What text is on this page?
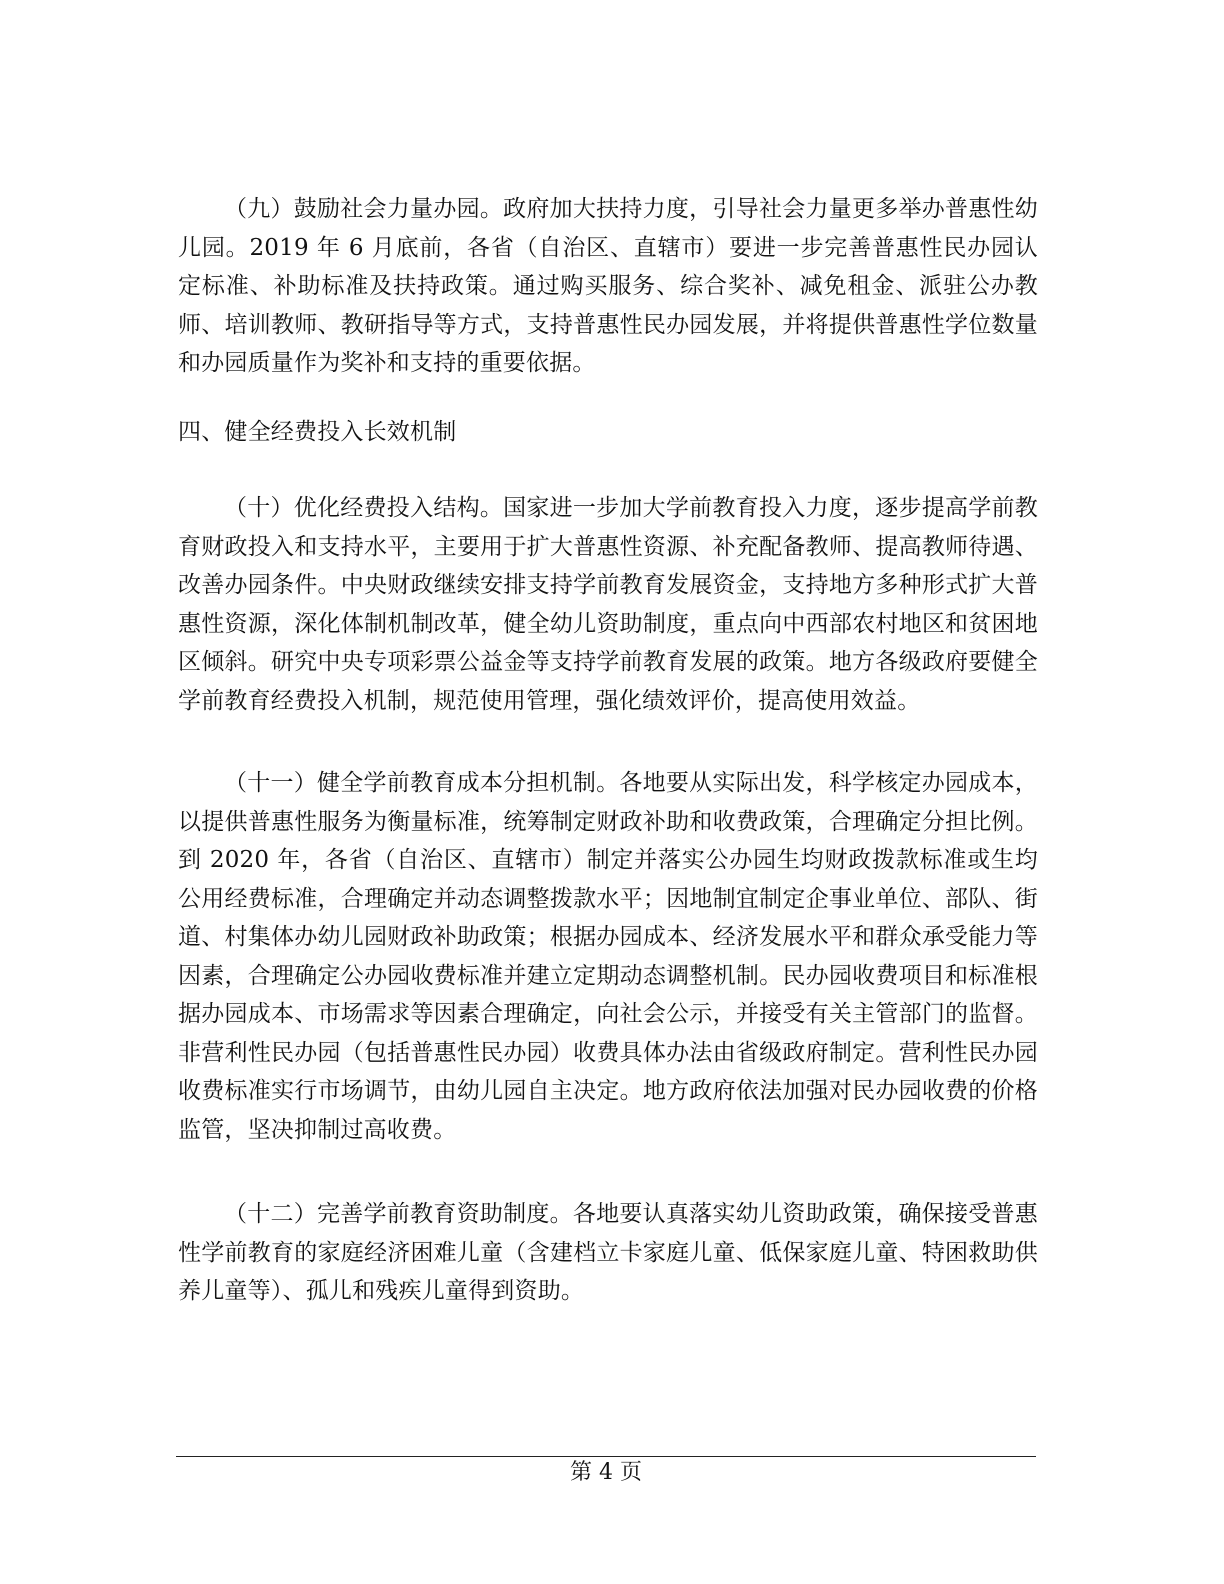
（九）鼓励社会力量办园。政府加大扶持力度，引导社会力量更多举办普惠性幼儿园。2019 年 6 月底前，各省（自治区、直辖市）要进一步完善普惠性民办园认定标准、补助标准及扶持政策。通过购买服务、综合奖补、减免租金、派驻公办教师、培训教师、教研指导等方式，支持普惠性民办园发展，并将提供普惠性学位数量和办园质量作为奖补和支持的重要依据。

四、健全经费投入长效机制

（十）优化经费投入结构。国家进一步加大学前教育投入力度，逐步提高学前教育财政投入和支持水平，主要用于扩大普惠性资源、补充配备教师、提高教师待遇、改善办园条件。中央财政继续安排支持学前教育发展资金，支持地方多种形式扩大普惠性资源，深化体制机制改革，健全幼儿资助制度，重点向中西部农村地区和贫困地区倾斜。研究中央专项彩票公益金等支持学前教育发展的政策。地方各级政府要健全学前教育经费投入机制，规范使用管理，强化绩效评价，提高使用效益。

（十一）健全学前教育成本分担机制。各地要从实际出发，科学核定办园成本，以提供普惠性服务为衡量标准，统筹制定财政补助和收费政策，合理确定分担比例。到 2020 年，各省（自治区、直辖市）制定并落实公办园生均财政拨款标准或生均公用经费标准，合理确定并动态调整拨款水平；因地制宜制定企事业单位、部队、街道、村集体办幼儿园财政补助政策；根据办园成本、经济发展水平和群众承受能力等因素，合理确定公办园收费标准并建立定期动态调整机制。民办园收费项目和标准根据办园成本、市场需求等因素合理确定，向社会公示，并接受有关主管部门的监督。非营利性民办园（包括普惠性民办园）收费具体办法由省级政府制定。营利性民办园收费标准实行市场调节，由幼儿园自主决定。地方政府依法加强对民办园收费的价格监管，坚决抑制过高收费。

（十二）完善学前教育资助制度。各地要认真落实幼儿资助政策，确保接受普惠性学前教育的家庭经济困难儿童（含建档立卡家庭儿童、低保家庭儿童、特困救助供养儿童等）、孤儿和残疾儿童得到资助。

第 4 页
